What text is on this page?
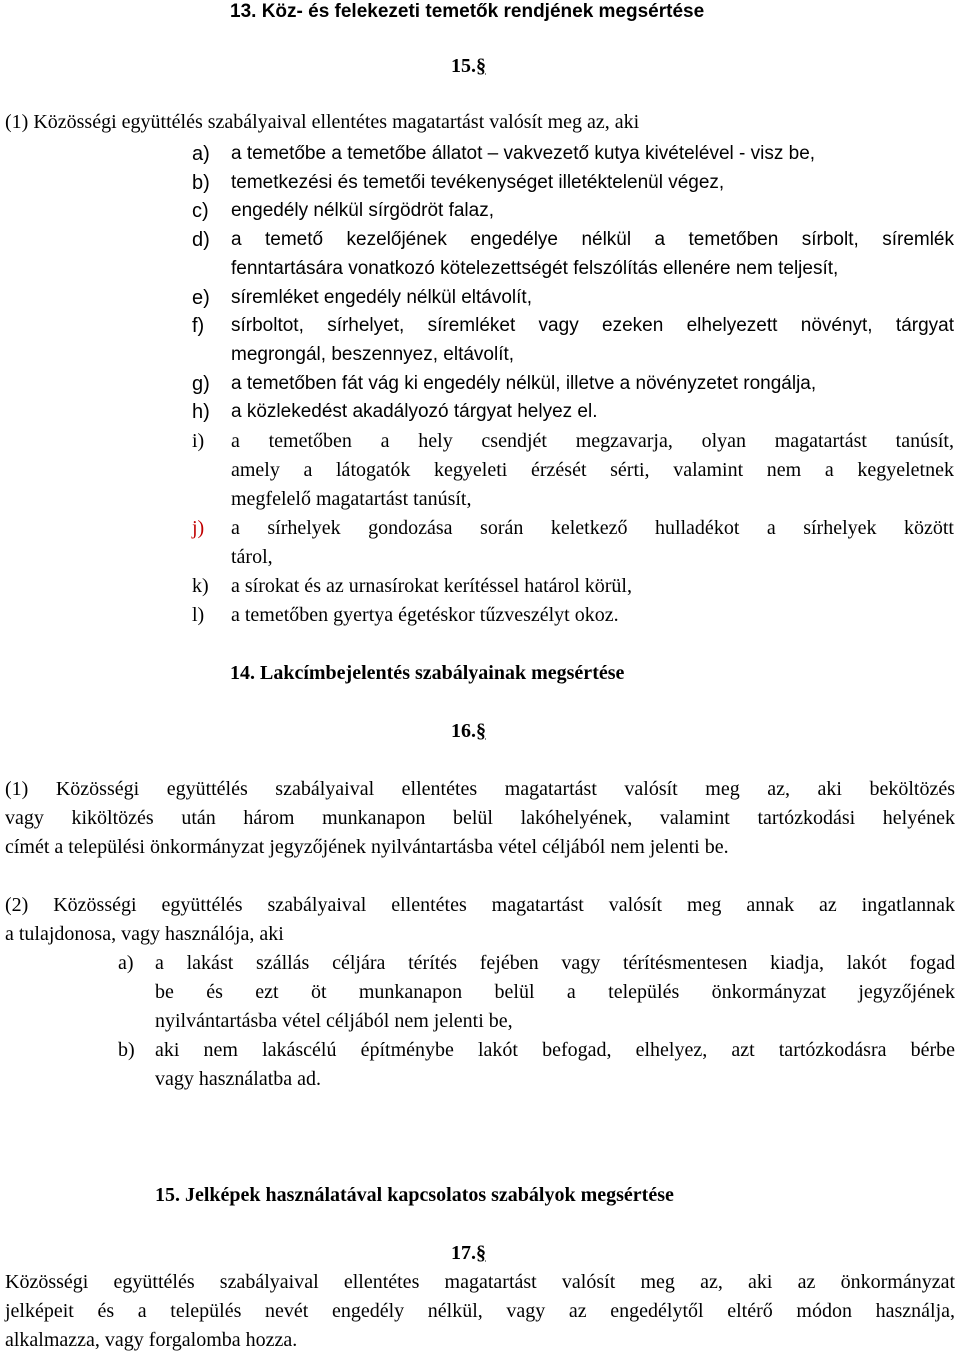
13. Köz- és felekezeti temetők rendjének megsértése
15.§
(1) Közösségi együttélés szabályaival ellentétes magatartást valósít meg az, aki
a) a temetőbe a temetőbe állatot – vakvezető kutya kivételével - visz be,
b) temetkezési és temetői tevékenységet illetéktelenül végez,
c) engedély nélkül sírgödröt falaz,
d) a temető kezelőjének engedélye nélkül a temetőben sírbolt, síremlék
fenntartására vonatkozó kötelezettségét felszólítás ellenére nem teljesít,
e) síremléket engedély nélkül eltávolít,
f) sírboltot, sírhelyet, síremléket vagy ezeken elhelyezett növényt, tárgyat
megrongál, beszennyez, eltávolít,
g) a temetőben fát vág ki engedély nélkül, illetve a növényzetet rongálja,
h) a közlekedést akadályozó tárgyat helyez el.
i) a temetőben a hely csendjét megzavarja, olyan magatartást tanúsít,
amely a látogatók kegyeleti érzését sérti, valamint nem a kegyeletnek
megfelelő magatartást tanúsít,
j) a sírhelyek gondozása során keletkező hulladékot a sírhelyek között
tárol,
k) a sírokat és az urnasírokat kerítéssel határol körül,
l) a temetőben gyertya égetéskor tűzveszélyt okoz.
14. Lakcímbejelentés szabályainak megsértése
16.§
(1) Közösségi együttélés szabályaival ellentétes magatartást valósít meg az, aki beköltözés
vagy kiköltözés után három munkanapon belül lakóhelyének, valamint tartózkodási helyének
címét a települési önkormányzat jegyzőjének nyilvántartásba vétel céljából nem jelenti be.
(2) Közösségi együttélés szabályaival ellentétes magatartást valósít meg annak az ingatlannak
a tulajdonosa, vagy használója, aki
a) a lakást szállás céljára térítés fejében vagy térítésmentesen kiadja, lakót fogad
be és ezt öt munkanapon belül a település önkormányzat jegyzőjének
nyilvántartásba vétel céljából nem jelenti be,
b) aki nem lakáscélú építménybe lakót befogad, elhelyez, azt tartózkodásra bérbe
vagy használatba ad.
15. Jelképek használatával kapcsolatos szabályok megsértése
17.§
Közösségi együttélés szabályaival ellentétes magatartást valósít meg az, aki az önkormányzat
jelképeit és a település nevét engedély nélkül, vagy az engedélytől eltérő módon használja,
alkalmazza, vagy forgalomba hozza.
